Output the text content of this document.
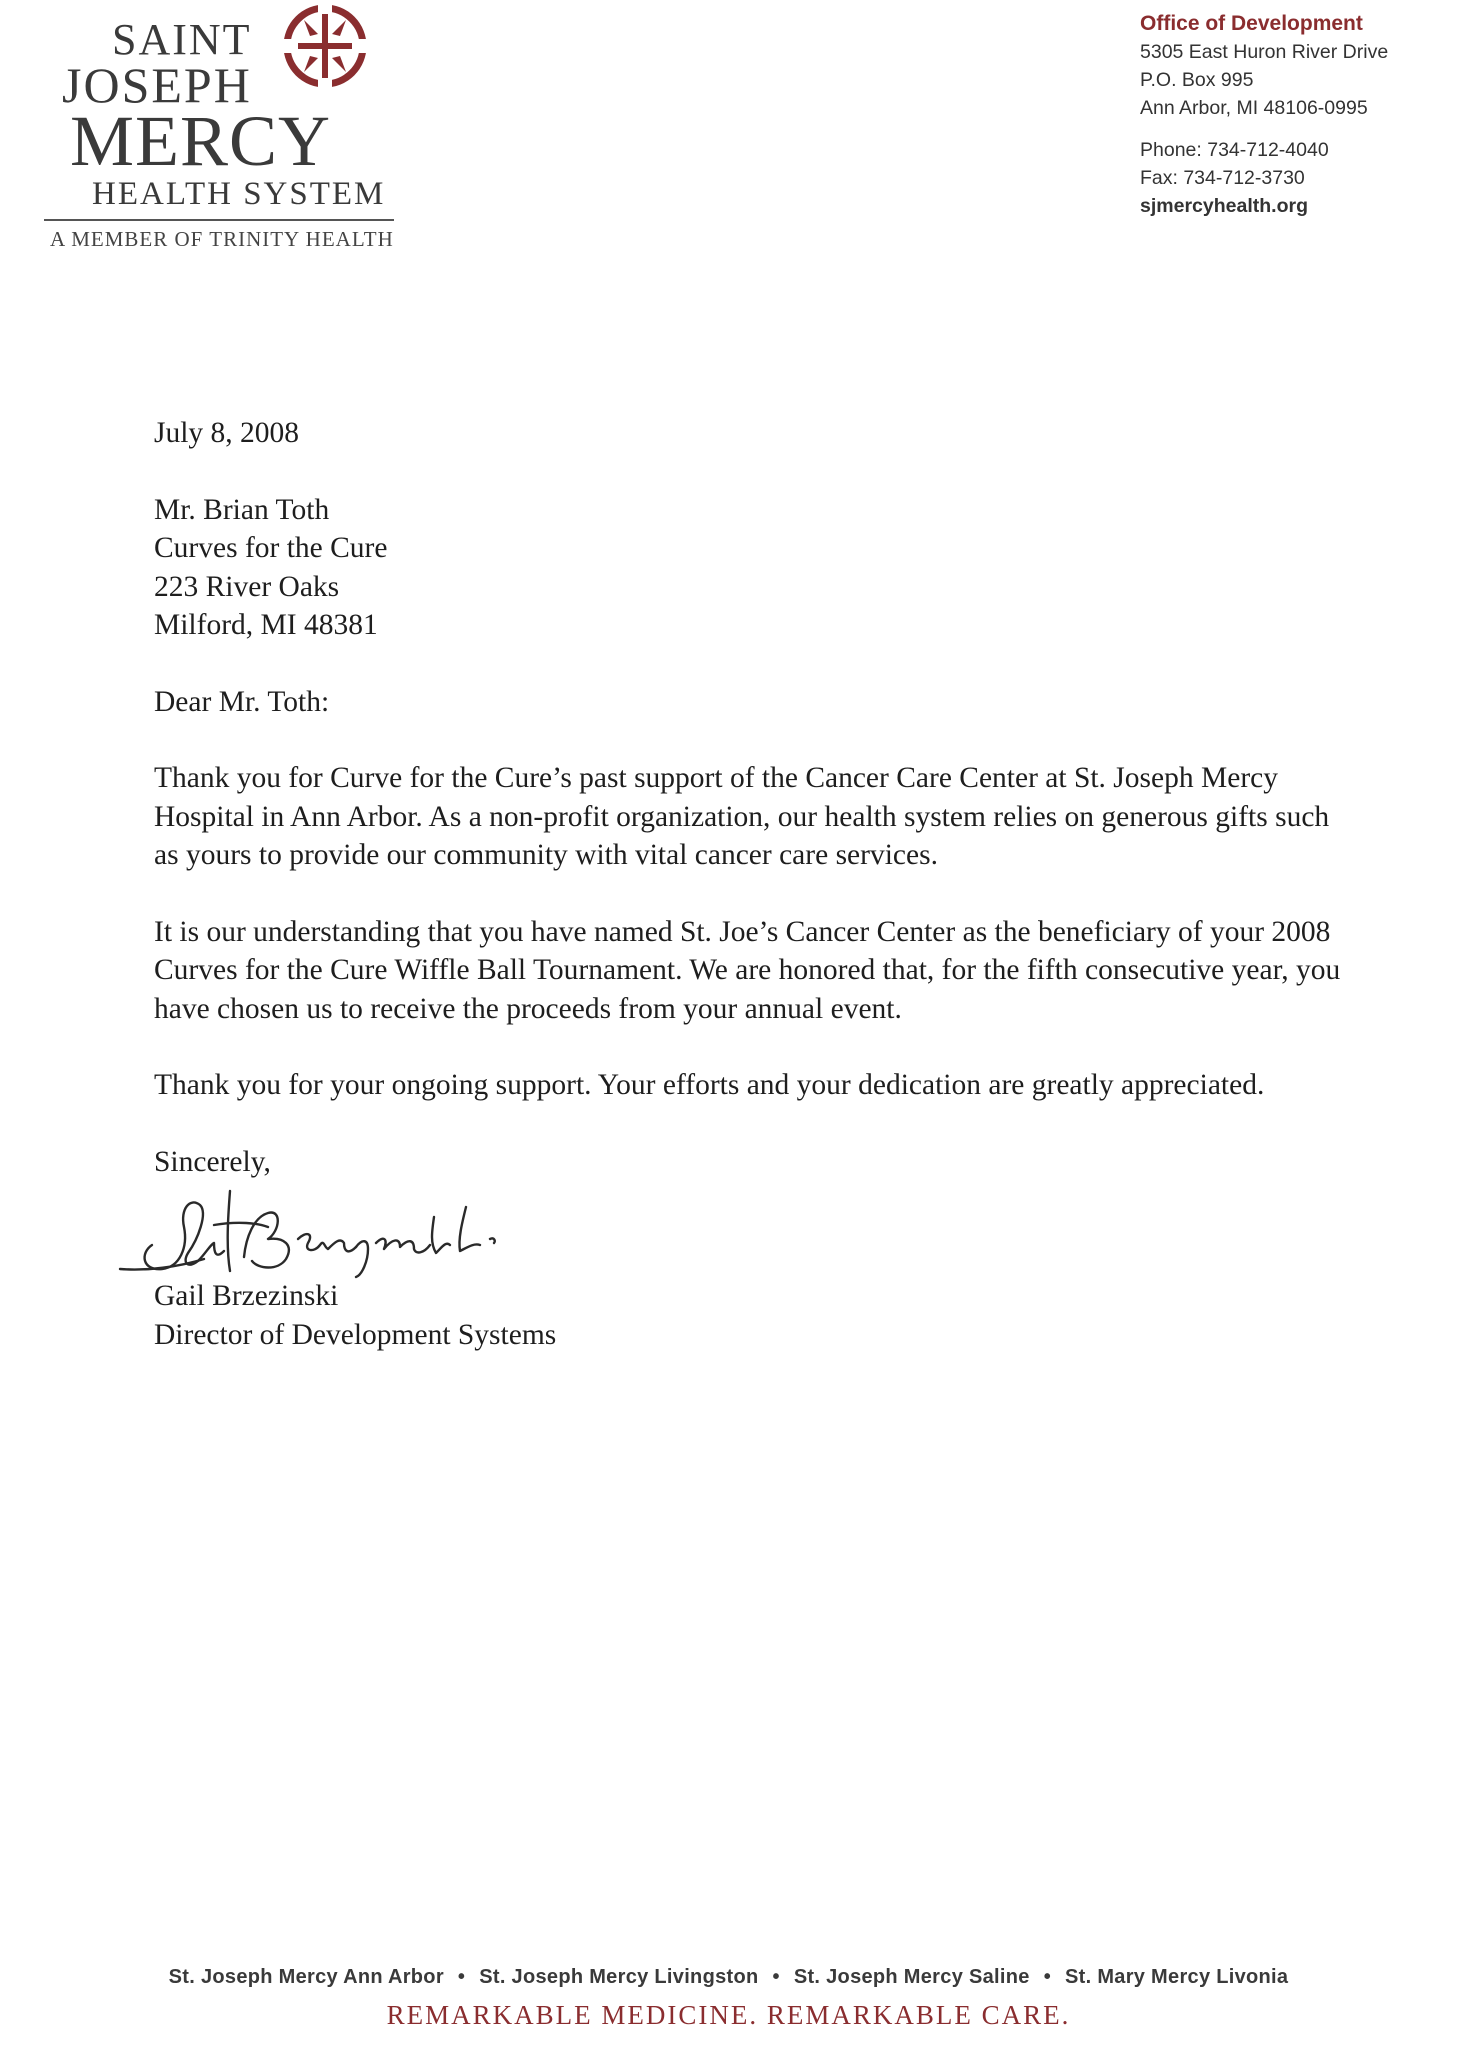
SAINT
JOSEPH
MERCY
HEALTH SYSTEM
A MEMBER OF TRINITY HEALTH
Office of Development
5305 East Huron River Drive
P.O. Box 995
Ann Arbor, MI 48106-0995
Phone: 734-712-4040
Fax: 734-712-3730
sjmercyhealth.org

July 8, 2008

Mr. Brian Toth

Curves for the Cure

223 River Oaks

Milford, MI 48381

Dear Mr. Toth:

Thank you for Curve for the Cure’s past support of the Cancer Care Center at St. Joseph Mercy Hospital in Ann Arbor. As a non-profit organization, our health system relies on generous gifts such as yours to provide our community with vital cancer care services.

It is our understanding that you have named St. Joe’s Cancer Center as the beneficiary of your 2008 Curves for the Cure Wiffle Ball Tournament. We are honored that, for the fifth consecutive year, you have chosen us to receive the proceeds from your annual event.

Thank you for your ongoing support. Your efforts and your dedication are greatly appreciated.

Sincerely,

Gail Brzezinski

Director of Development Systems

St. Joseph Mercy Ann Arbor • St. Joseph Mercy Livingston • St. Joseph Mercy Saline • St. Mary Mercy Livonia
REMARKABLE MEDICINE. REMARKABLE CARE.
